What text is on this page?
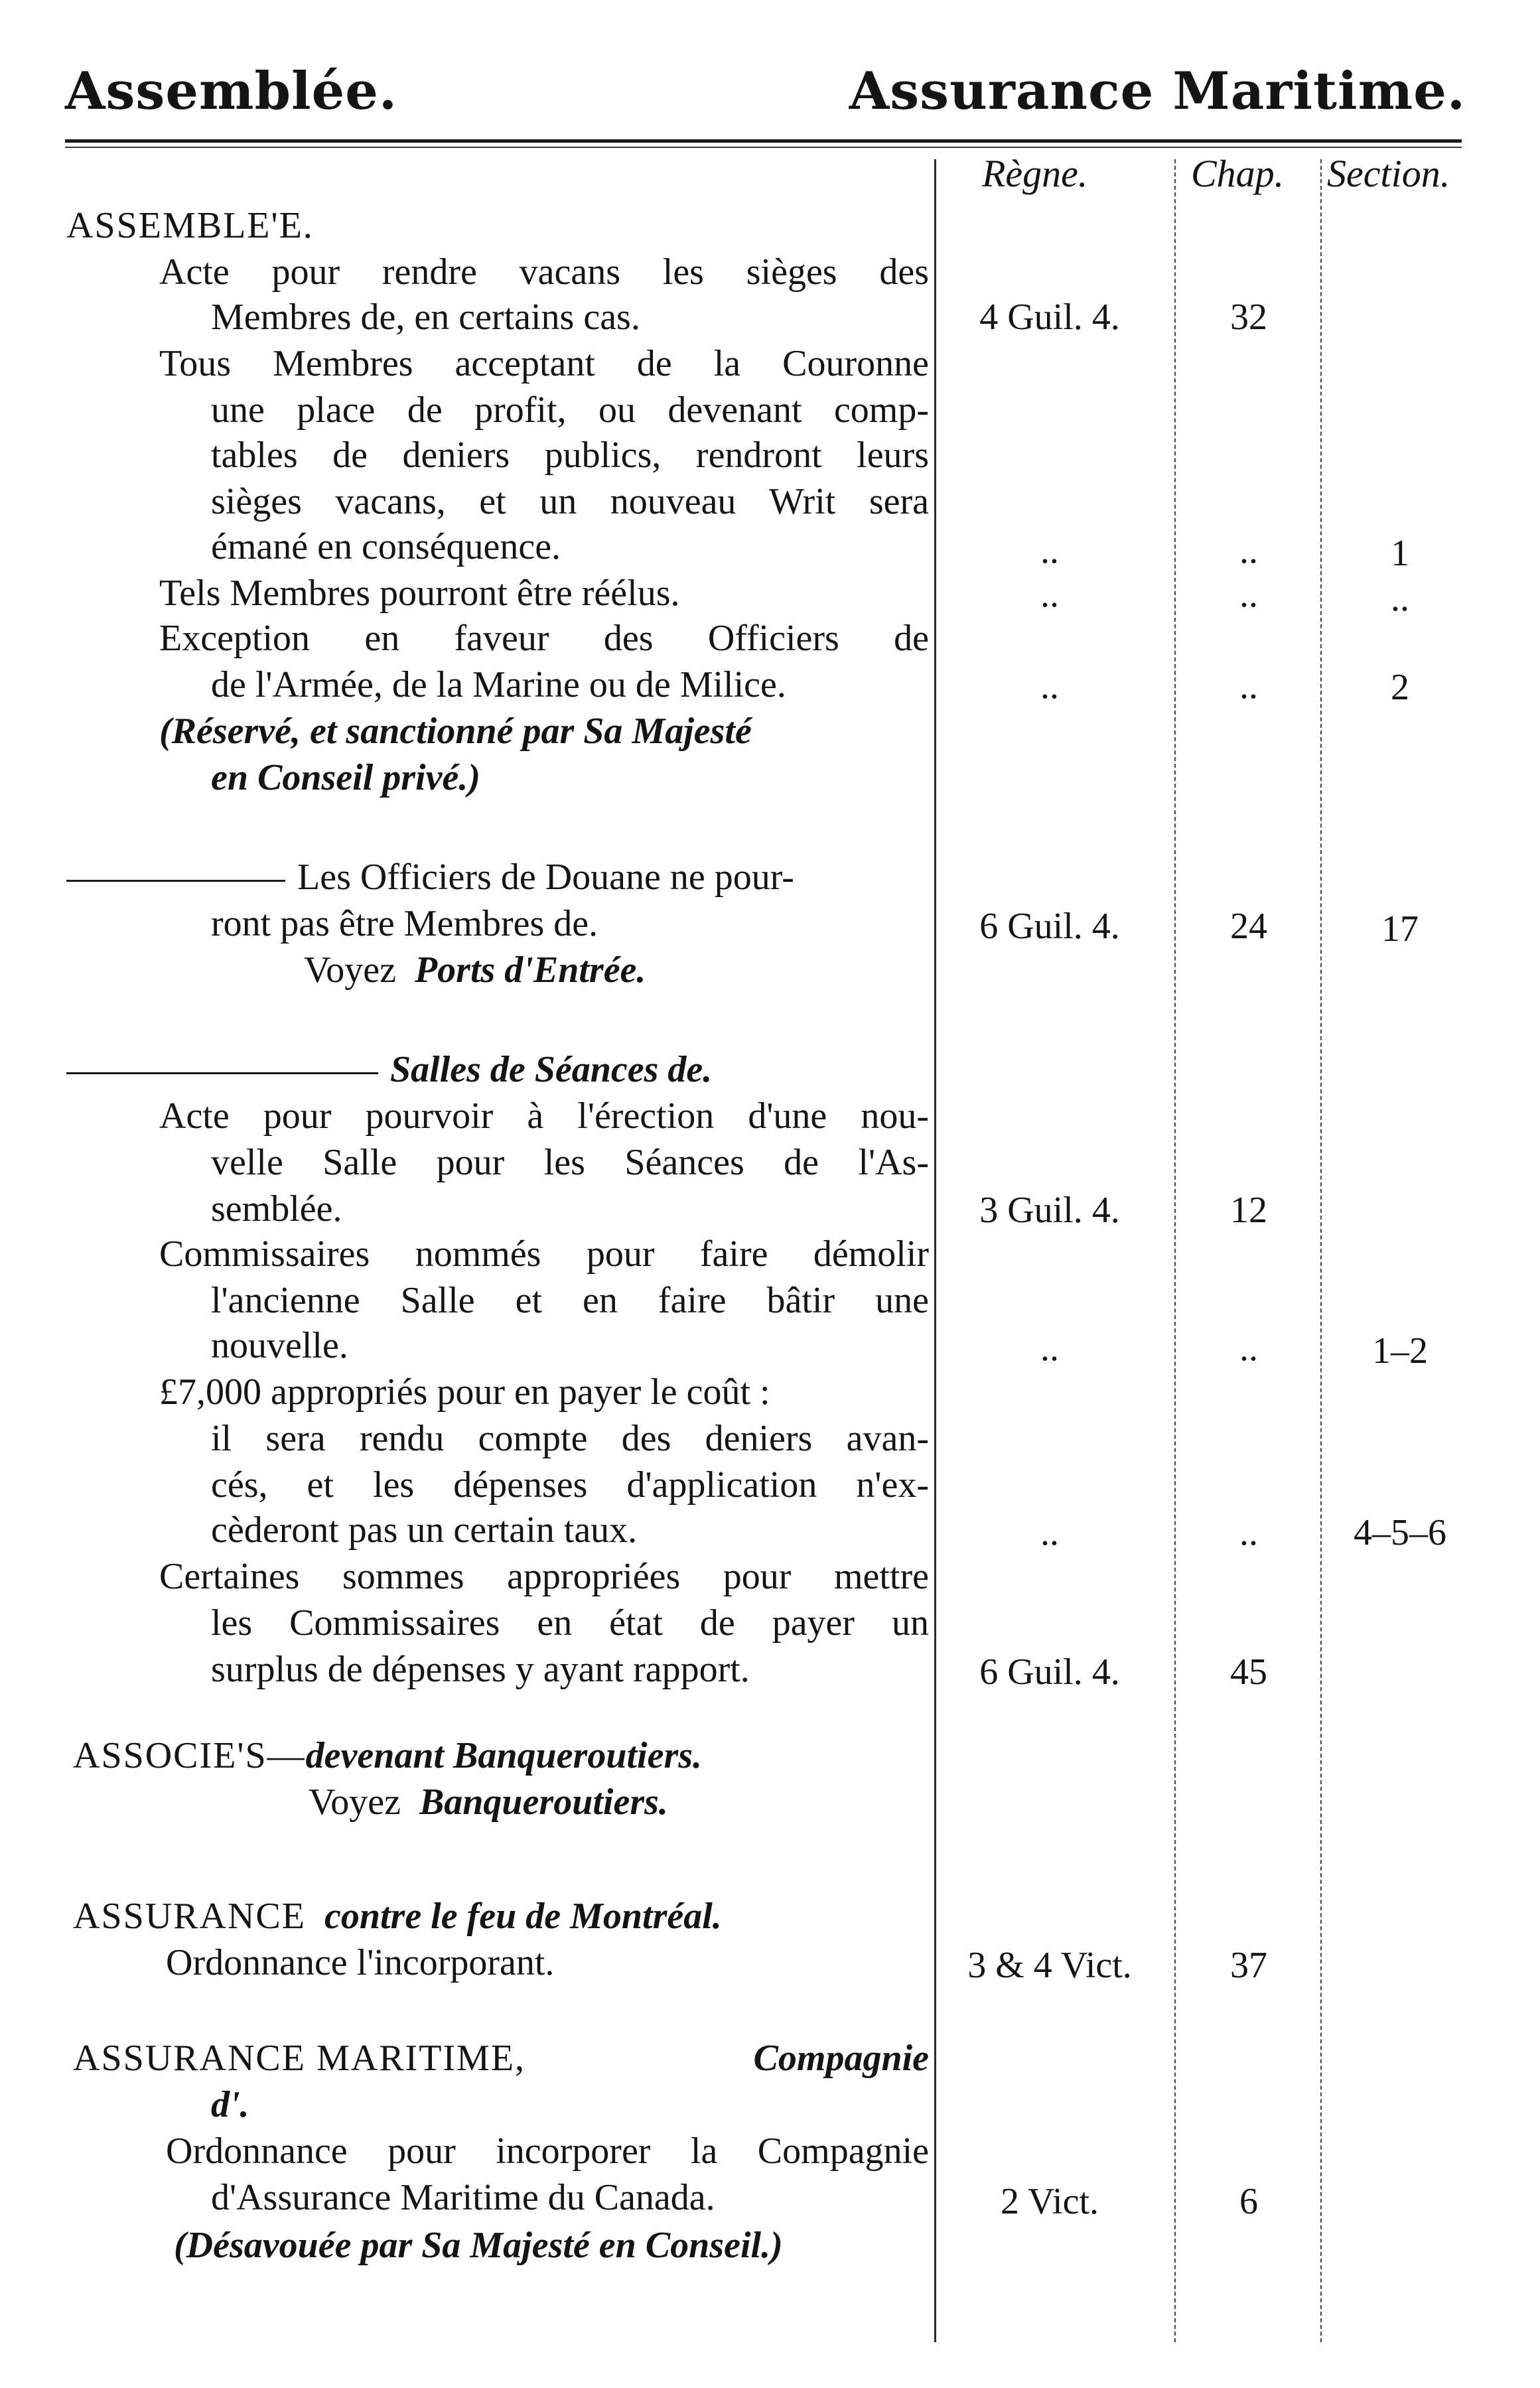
Assemblée.	Assurance Maritime.
Règne.	Chap. Section.
ASSEMBLE'E.
Acte pour rendre vacans les sièges des
Membres de, en certains cas.
Tous Membres acceptant de la Couronne
une place de profit, ou devenant comp-
tables de deniers publics, rendront leurs
sièges vacans, et un nouveau Writ sera
émané en conséquence.
Tels Membres pourront être réélus.
Exception en faveur des Officiers de
de l'Armée, de la Marine ou de Milice.
(Réservé, et sanctionné par Sa Majesté
en Conseil privé.)
4 Guil. 4.	32
..	..	1
..	..	..
..	..	2
Les Officiers de Douane ne pour-
ront pas être Membres de.
Voyez Ports d'Entrée.
6 Guil. 4.	24	17
Salles de Séances de.
Acte pour pourvoir à l'érection d'une nou-
velle Salle pour les Séances de l'As-
semblée.
Commissaires nommés pour faire démolir
l'ancienne Salle et en faire bâtir une
nouvelle.
£7,000 appropriés pour en payer le coût :
il sera rendu compte des deniers avan-
cés, et les dépenses d'application n'ex-
cèderont pas un certain taux.
Certaines sommes appropriées pour mettre
les Commissaires en état de payer un
surplus de dépenses y ayant rapport.
3 Guil. 4.	12
..	..	1–2
..	..	4–5–6
6 Guil. 4.	45
ASSOCIE'S—devenant Banqueroutiers.
Voyez Banqueroutiers.
ASSURANCE contre le feu de Montréal.
Ordonnance l'incorporant.	3 & 4 Vict.	37
ASSURANCE MARITIME,	Compagnie
d'.
Ordonnance pour incorporer la Compagnie
d'Assurance Maritime du Canada.
(Désavouée par Sa Majesté en Conseil.)
2 Vict.	6
